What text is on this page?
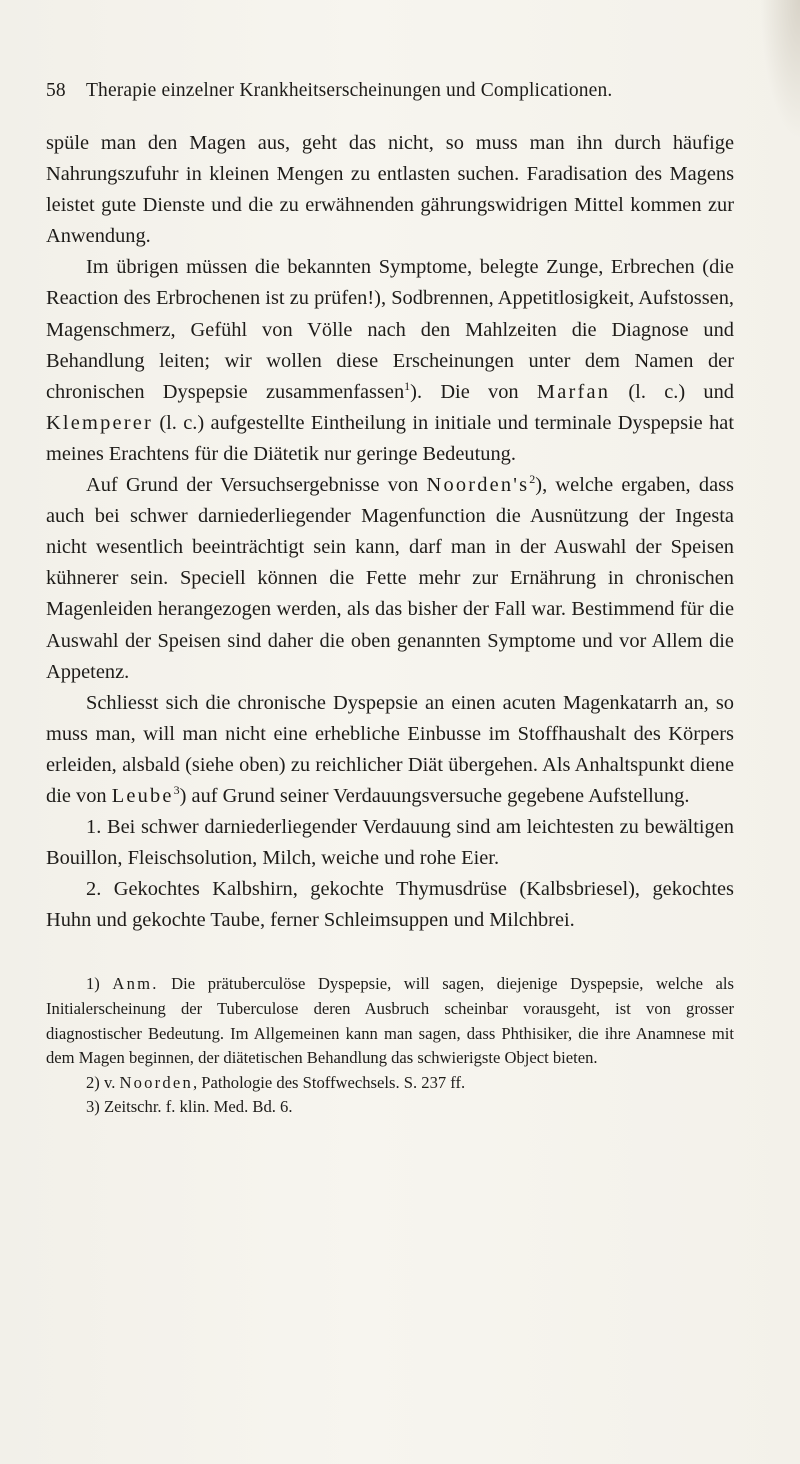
58	Therapie einzelner Krankheitserscheinungen und Complicationen.

spüle man den Magen aus, geht das nicht, so muss man ihn durch häufige Nahrungszufuhr in kleinen Mengen zu entlasten suchen. Faradisation des Magens leistet gute Dienste und die zu erwähnenden gährungswidrigen Mittel kommen zur Anwendung.

Im übrigen müssen die bekannten Symptome, belegte Zunge, Erbrechen (die Reaction des Erbrochenen ist zu prüfen!), Sodbrennen, Appetitlosigkeit, Aufstossen, Magenschmerz, Gefühl von Völle nach den Mahlzeiten die Diagnose und Behandlung leiten; wir wollen diese Erscheinungen unter dem Namen der chronischen Dyspepsie zusammenfassen$^1$). Die von Marfan (l. c.) und Klemperer (l. c.) aufgestellte Eintheilung in initiale und terminale Dyspepsie hat meines Erachtens für die Diätetik nur geringe Bedeutung.

Auf Grund der Versuchsergebnisse von $Noorden's^2$), welche ergaben, dass auch bei schwer darniederliegender Magenfunction die Ausnützung der Ingesta nicht wesentlich beeinträchtigt sein kann, darf man in der Auswahl der Speisen kühnerer sein. Speciell können die Fette mehr zur Ernährung in chronischen Magenleiden herangezogen werden, als das bisher der Fall war. Bestimmend für die Auswahl der Speisen sind daher die oben genannten Symptome und vor Allem die Appetenz.

Schliesst sich die chronische Dyspepsie an einen acuten Magenkatarrh an, so muss man, will man nicht eine erhebliche Einbusse im Stoffhaushalt des Körpers erleiden, alsbald (siehe oben) zu reichlicher Diät übergehen. Als Anhaltspunkt diene die von Leube$^3$) auf Grund seiner Verdauungsversuche gegebene Aufstellung.

1. Bei schwer darniederliegender Verdauung sind am leichtesten zu bewältigen Bouillon, Fleischsolution, Milch, weiche und rohe Eier.

2. Gekochtes Kalbshirn, gekochte Thymusdrüse (Kalbsbriesel), gekochtes Huhn und gekochte Taube, ferner Schleimsuppen und Milchbrei.

1) Anm. Die prätuberculöse Dyspepsie, will sagen, diejenige Dyspepsie, welche als Initialerscheinung der Tuberculose deren Ausbruch scheinbar vorausgeht, ist von grosser diagnostischer Bedeutung. Im Allgemeinen kann man sagen, dass Phthisiker, die ihre Anamnese mit dem Magen beginnen, der diätetischen Behandlung das schwierigste Object bieten.

2) v. Noorden, Pathologie des Stoffwechsels. S. 237 ff.

3) Zeitschr. f. klin. Med. Bd. 6.
